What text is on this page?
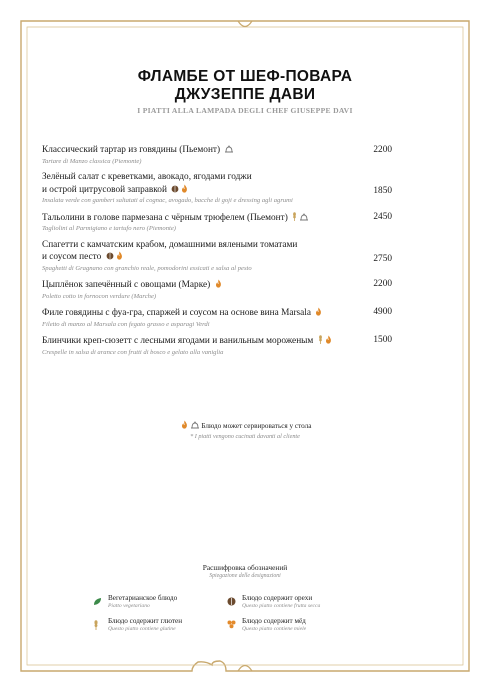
ФЛАМБЕ ОТ ШЕФ-ПОВАРА
ДЖУЗЕППЕ ДАВИ
I PIATTI ALLA LAMPADA DEGLI CHEF GIUSEPPE DAVI
2200
Классический тартар из говядины (Пьемонт)
Tartare di Manzo classica (Piemonte)
1850
Зелёный салат с креветками, авокадо, ягодами годжи
и острой цитрусовой заправкой
Insalata verde con gamberi saltatati al cognac, avogado, bacche di goji e dressing agli agrumi
2450
Тальолини в голове пармезана с чёрным трюфелем (Пьемонт)
Tagliolini al Parmigiano e tartufo nero (Piemonte)
2750
Спагетти с камчатским крабом, домашними вялеными томатами
и соусом песто
Spaghetti di Gragnano con granchio reale, pomodorini essicati e salsa al pesto
2200
Цыплёнок запечённый с овощами (Марке)
Poletto cotto in fornocon verdure (Marche)
4900
Филе говядины с фуа-гра, спаржей и соусом на основе вина Marsala
Filetto di manzo al Marsala con fegato grasso e asparagi Verdi
1500
Блинчики креп-сюзетт с лесными ягодами и ванильным мороженым
Crespelle in salsa di arance con frutti di bosco e gelato alla vaniglia
Блюдо может сервироваться у стола
* I piatti vengono cucinati davanti al cliente
Расшифровка обозначений
Spiegazione delle designazioni
Вегетарианское блюдо
Piatto vegetariano
Блюдо содержит орехи
Questo piatto contiene frutta secca
Блюдо содержит глютен
Questo piatto contiene glutine
Блюдо содержит мёд
Questo piatto contiene miele
